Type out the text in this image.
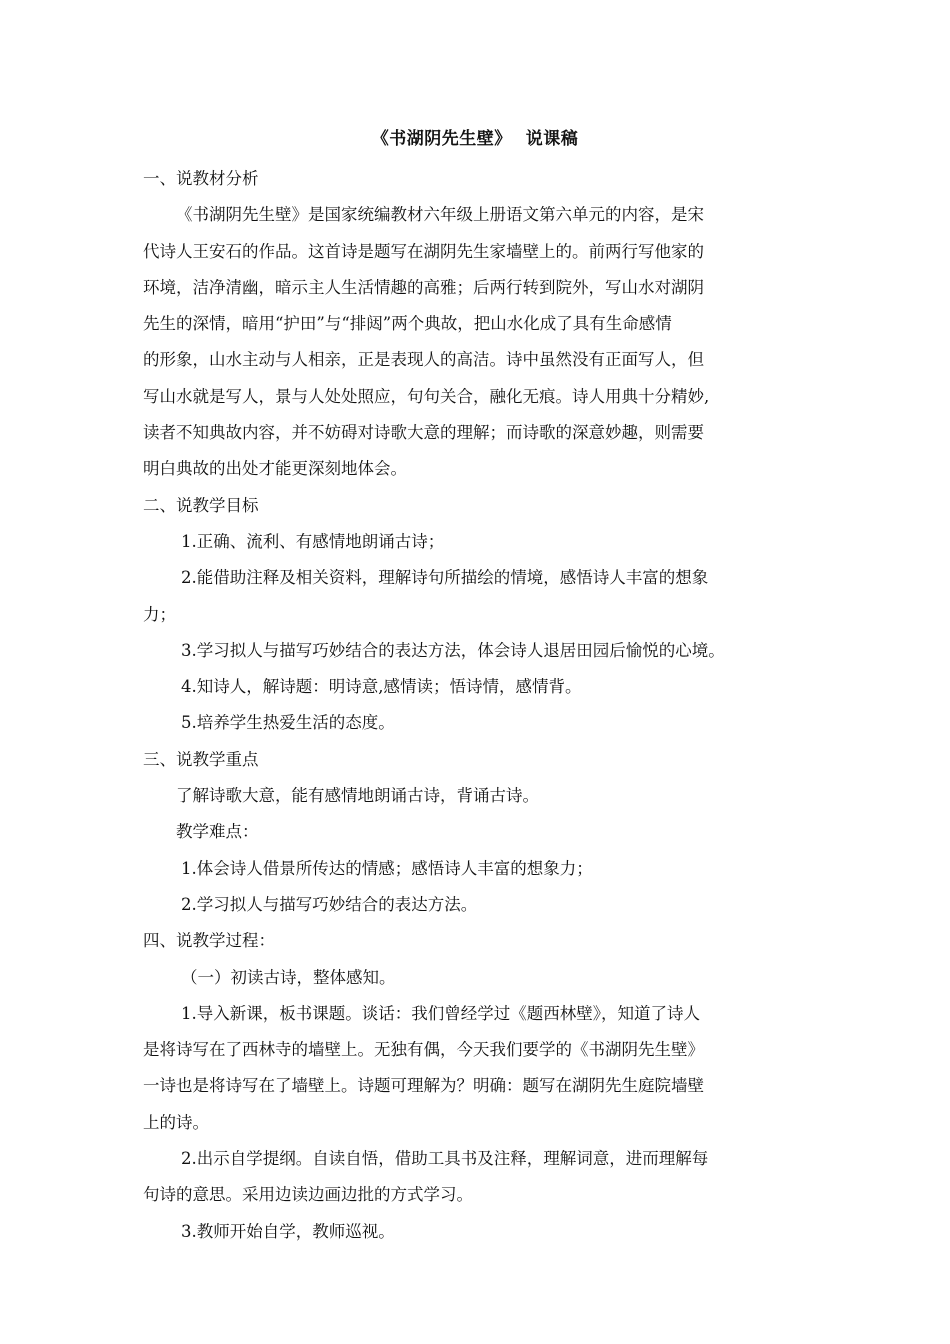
《书湖阴先生壁》 说课稿
一、说教材分析
《书湖阴先生壁》是国家统编教材六年级上册语文第六单元的内容，是宋
代诗人王安石的作品。这首诗是题写在湖阴先生家墙壁上的。前两行写他家的
环境，洁净清幽，暗示主人生活情趣的高雅；后两行转到院外，写山水对湖阴
先生的深情，暗用“护田”与“排闼”两个典故，把山水化成了具有生命感情
的形象，山水主动与人相亲，正是表现人的高洁。诗中虽然没有正面写人，但
写山水就是写人，景与人处处照应，句句关合，融化无痕。诗人用典十分精妙,
读者不知典故内容，并不妨碍对诗歌大意的理解；而诗歌的深意妙趣，则需要
明白典故的出处才能更深刻地体会。
二、说教学目标
1.正确、流利、有感情地朗诵古诗；
2.能借助注释及相关资料，理解诗句所描绘的情境，感悟诗人丰富的想象
力；
3.学习拟人与描写巧妙结合的表达方法，体会诗人退居田园后愉悦的心境。
4.知诗人，解诗题：明诗意,感情读；悟诗情，感情背。
5.培养学生热爱生活的态度。
三、说教学重点
了解诗歌大意，能有感情地朗诵古诗，背诵古诗。
教学难点：
1.体会诗人借景所传达的情感；感悟诗人丰富的想象力；
2.学习拟人与描写巧妙结合的表达方法。
四、说教学过程：
（一）初读古诗，整体感知。
1.导入新课，板书课题。谈话：我们曾经学过《题西林壁》，知道了诗人
是将诗写在了西林寺的墙壁上。无独有偶，今天我们要学的《书湖阴先生壁》
一诗也是将诗写在了墙壁上。诗题可理解为？明确：题写在湖阴先生庭院墙壁
上的诗。
2.出示自学提纲。自读自悟，借助工具书及注释，理解词意，进而理解每
句诗的意思。采用边读边画边批的方式学习。
3.教师开始自学，教师巡视。
